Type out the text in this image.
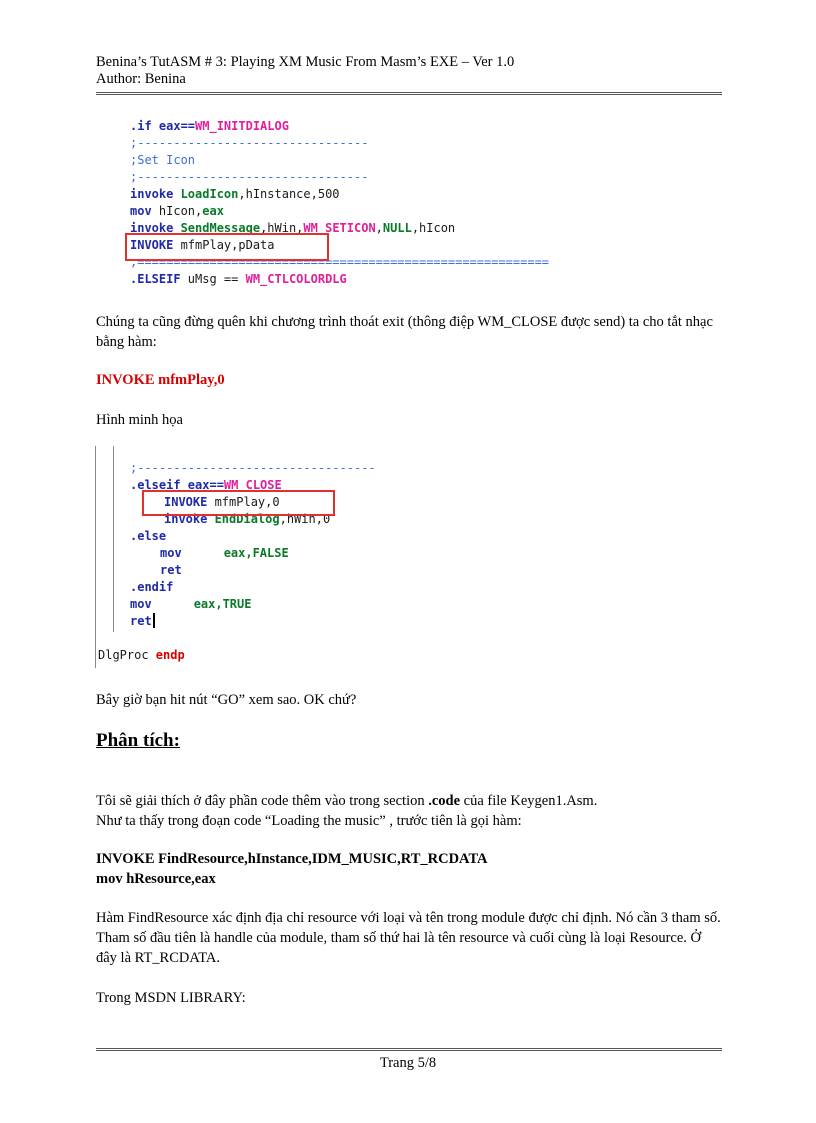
Benina’s TutASM # 3: Playing XM Music From Masm’s EXE – Ver 1.0
Author: Benina

.if eax==WM_INITDIALOG

;--------------------------------

;Set Icon

;--------------------------------

invoke LoadIcon,hInstance,500

mov hIcon,eax

invoke SendMessage,hWin,WM_SETICON,NULL,hIcon

INVOKE mfmPlay,pData

;=========================================================

.ELSEIF uMsg == WM_CTLCOLORDLG

Chúng ta cũng đừng quên khi chương trình thoát exit (thông điệp WM_CLOSE được send) ta cho tắt nhạc bằng hàm:
INVOKE mfmPlay,0
Hình minh họa

;---------------------------------

.elseif eax==WM_CLOSE

INVOKE mfmPlay,0

invoke EndDialog,hWin,0

.else

mov	eax,FALSE

ret

.endif

mov	eax,TRUE

ret

DlgProc endp

Bây giờ bạn hit nút “GO” xem sao. OK chứ?
Phân tích:
Tôi sẽ giải thích ở đây phần code thêm vào trong section .code của file Keygen1.Asm.
Như ta thấy trong đoạn code “Loading the music” , trước tiên là gọi hàm:
INVOKE FindResource,hInstance,IDM_MUSIC,RT_RCDATA
mov hResource,eax
Hàm FindResource xác định địa chỉ resource với loại và tên trong module được chỉ định. Nó cần 3 tham số. Tham số đầu tiên là handle của module, tham số thứ hai là tên resource và cuối cùng là loại Resource. Ở đây là RT_RCDATA.
Trong MSDN LIBRARY:
Trang 5/8
